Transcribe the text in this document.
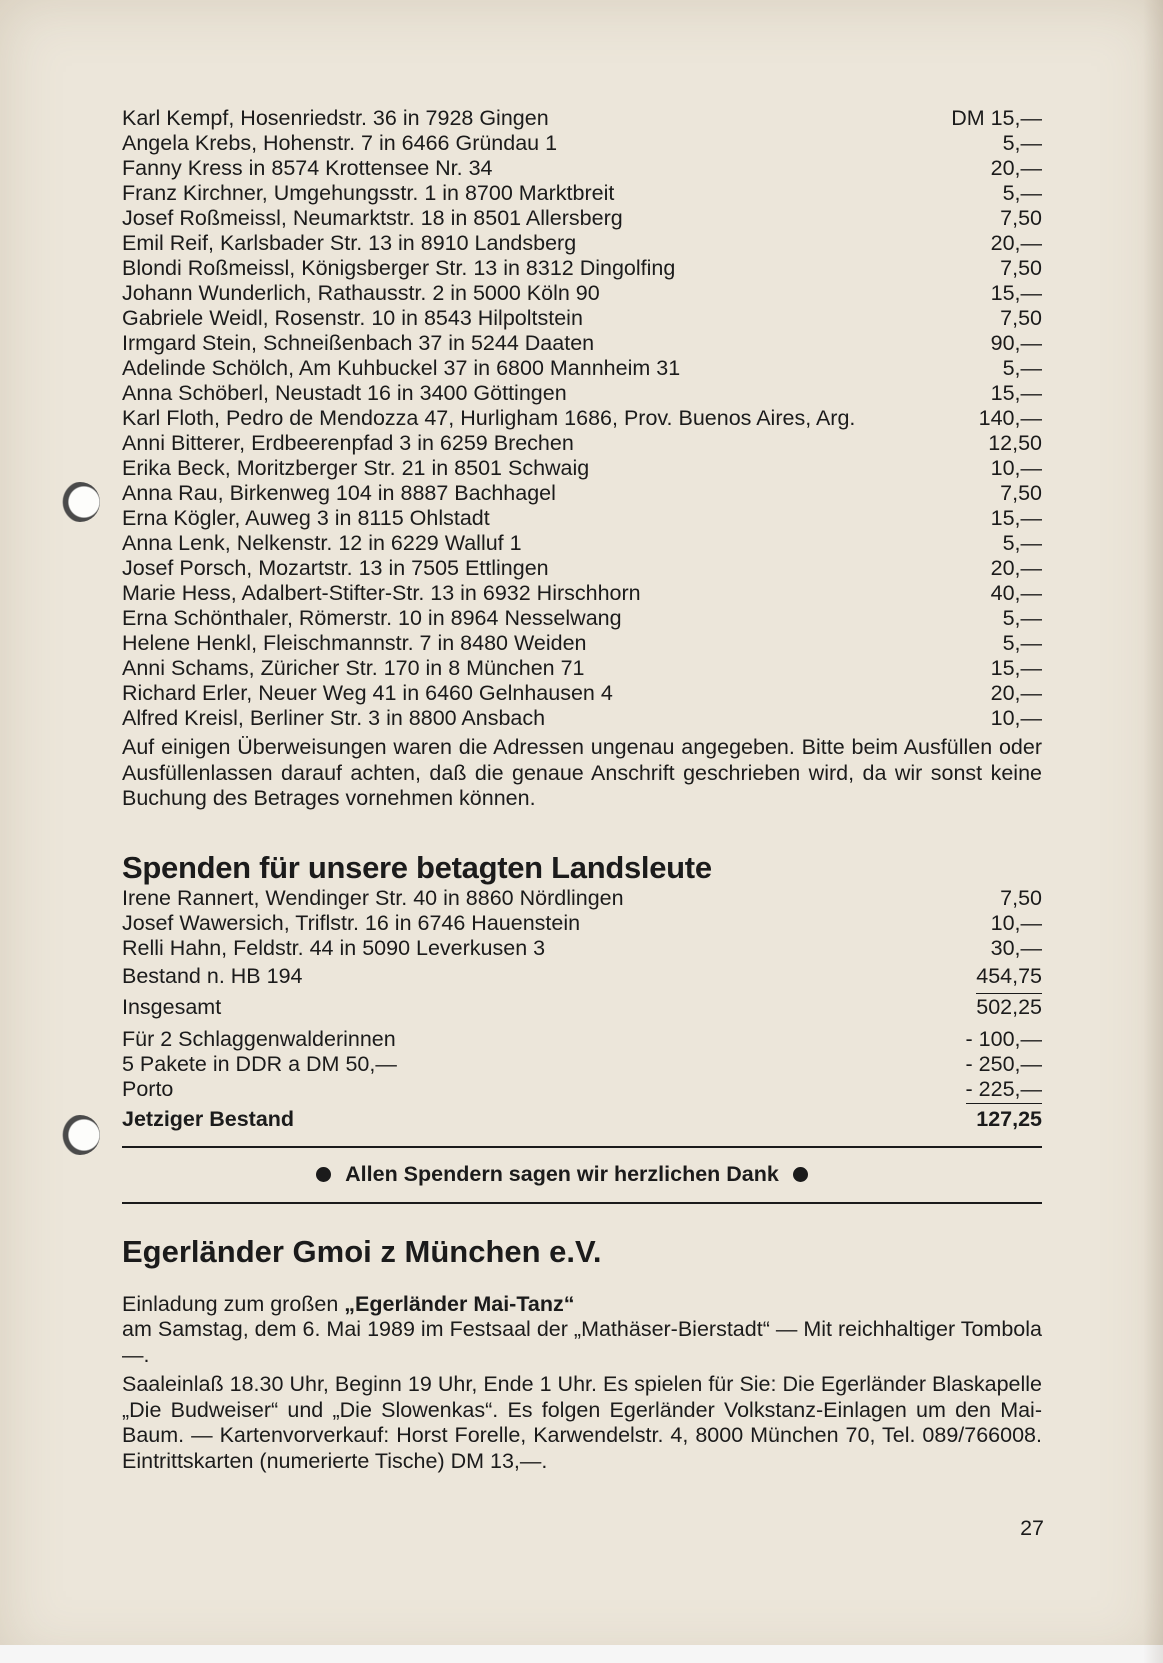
Karl Kempf, Hosenriedstr. 36 in 7928 Gingen	DM 15,—
Angela Krebs, Hohenstr. 7 in 6466 Gründau 1	5,—
Fanny Kress in 8574 Krottensee Nr. 34	20,—
Franz Kirchner, Umgehungsstr. 1 in 8700 Marktbreit	5,—
Josef Roßmeissl, Neumarktstr. 18 in 8501 Allersberg	7,50
Emil Reif, Karlsbader Str. 13 in 8910 Landsberg	20,—
Blondi Roßmeissl, Königsberger Str. 13 in 8312 Dingolfing	7,50
Johann Wunderlich, Rathausstr. 2 in 5000 Köln 90	15,—
Gabriele Weidl, Rosenstr. 10 in 8543 Hilpoltstein	7,50
Irmgard Stein, Schneißenbach 37 in 5244 Daaten	90,—
Adelinde Schölch, Am Kuhbuckel 37 in 6800 Mannheim 31	5,—
Anna Schöberl, Neustadt 16 in 3400 Göttingen	15,—
Karl Floth, Pedro de Mendozza 47, Hurligham 1686, Prov. Buenos Aires, Arg.	140,—
Anni Bitterer, Erdbeerenpfad 3 in 6259 Brechen	12,50
Erika Beck, Moritzberger Str. 21 in 8501 Schwaig	10,—
Anna Rau, Birkenweg 104 in 8887 Bachhagel	7,50
Erna Kögler, Auweg 3 in 8115 Ohlstadt	15,—
Anna Lenk, Nelkenstr. 12 in 6229 Walluf 1	5,—
Josef Porsch, Mozartstr. 13 in 7505 Ettlingen	20,—
Marie Hess, Adalbert-Stifter-Str. 13 in 6932 Hirschhorn	40,—
Erna Schönthaler, Römerstr. 10 in 8964 Nesselwang	5,—
Helene Henkl, Fleischmannstr. 7 in 8480 Weiden	5,—
Anni Schams, Züricher Str. 170 in 8 München 71	15,—
Richard Erler, Neuer Weg 41 in 6460 Gelnhausen 4	20,—
Alfred Kreisl, Berliner Str. 3 in 8800 Ansbach	10,—

Auf einigen Überweisungen waren die Adressen ungenau angegeben. Bitte beim Ausfüllen oder Ausfüllenlassen darauf achten, daß die genaue Anschrift geschrieben wird, da wir sonst keine Buchung des Betrages vornehmen können.

Spenden für unsere betagten Landsleute
Irene Rannert, Wendinger Str. 40 in 8860 Nördlingen	7,50
Josef Wawersich, Triflstr. 16 in 6746 Hauenstein	10,—
Relli Hahn, Feldstr. 44 in 5090 Leverkusen 3	30,—
Bestand n. HB 194	454,75
Insgesamt	502,25
Für 2 Schlaggenwalderinnen	- 100,—
5 Pakete in DDR a DM 50,—	- 250,—
Porto	- 225,—
Jetziger Bestand	127,25
Allen Spendern sagen wir herzlichen Dank
Egerländer Gmoi z München e.V.

Einladung zum großen „Egerländer Mai-Tanz“

am Samstag, dem 6. Mai 1989 im Festsaal der „Mathäser-Bierstadt“ — Mit reichhaltiger Tombola —.

Saaleinlaß 18.30 Uhr, Beginn 19 Uhr, Ende 1 Uhr. Es spielen für Sie: Die Egerländer Blaskapelle „Die Budweiser“ und „Die Slowenkas“. Es folgen Egerländer Volkstanz-Einlagen um den Mai-Baum. — Kartenvorverkauf: Horst Forelle, Karwendelstr. 4, 8000 München 70, Tel. 089/766008. Eintrittskarten (numerierte Tische) DM 13,—.

27
